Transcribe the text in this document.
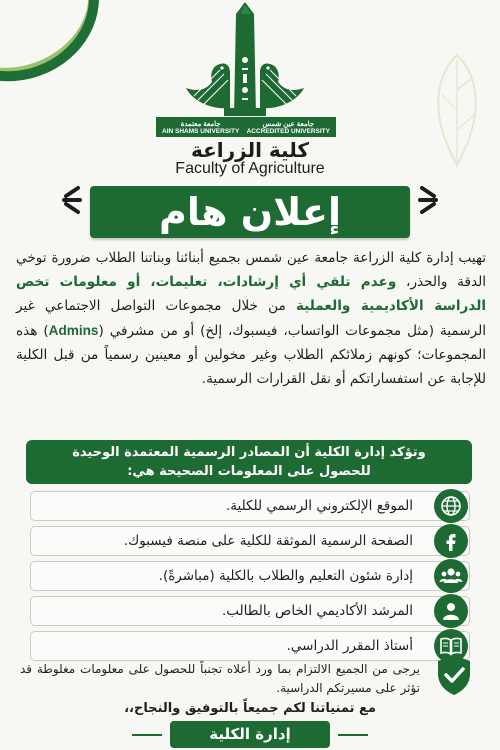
جامعة معتمدة
AIN SHAMS UNIVERSITY
جامعة عين شمس
ACCREDITED UNIVERSITY
كلية الزراعة
Faculty of Agriculture
إعلان هام
تهيب إدارة كلية الزراعة جامعة عين شمس بجميع أبنائنا وبناتنا الطلاب ضرورة توخي الدقة والحذر، وعدم تلقي أي إرشادات، تعليمات، أو معلومات تخص الدراسة الأكاديمية والعملية من خلال مجموعات التواصل الاجتماعي غير الرسمية (مثل مجموعات الواتساب، فيسبوك، إلخ) أو من مشرفي (Admins) هذه المجموعات؛ كونهم زملائكم الطلاب وغير مخولين أو معينين رسمياً من قبل الكلية للإجابة عن استفساراتكم أو نقل القرارات الرسمية.
وتؤكد إدارة الكلية أن المصادر الرسمية المعتمدة الوحيدة
للحصول على المعلومات الصحيحة هي:
الموقع الإلكتروني الرسمي للكلية.
الصفحة الرسمية الموثقة للكلية على منصة فيسبوك.
إدارة شئون التعليم والطلاب بالكلية (مباشرةً).
المرشد الأكاديمي الخاص بالطالب.
أستاذ المقرر الدراسي.
يرجى من الجميع الالتزام بما ورد أعلاه تجنباً للحصول على معلومات مغلوطة قد تؤثر على مسيرتكم الدراسية.
مع تمنياتنا لكم جميعاً بالتوفيق والنجاح،،
إدارة الكلية
